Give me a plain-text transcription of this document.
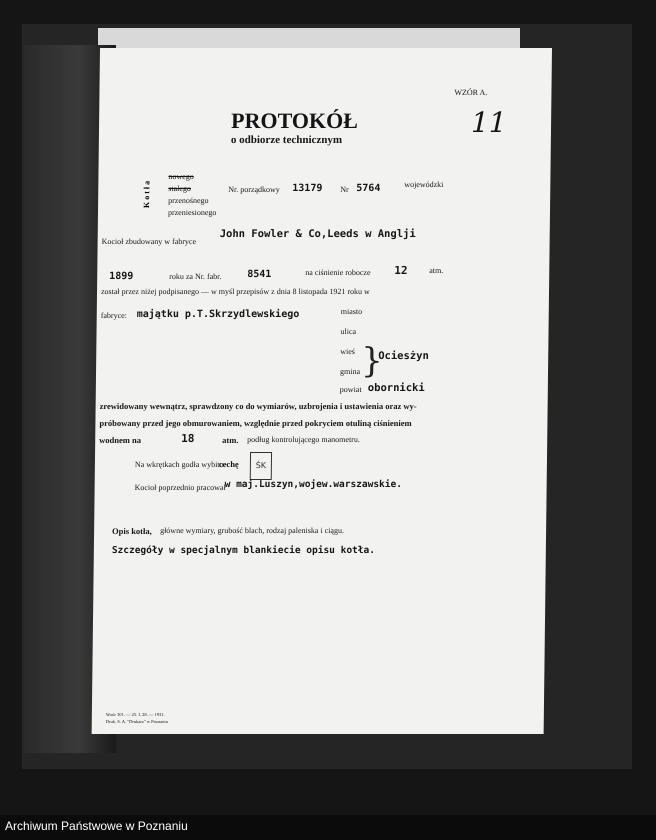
WZÓR A.
11
PROTOKÓŁ
o odbiorze technicznym
Kotła
nowego
stałego
przenośnego
przeniesionego
Nr. porządkowy 13179 Nr 5764	wojewódzki
Kocioł zbudowany w fabryce
John Fowler & Co,Leeds w Anglji
1899	roku za Nr. fabr.	8541	na ciśnienie robocze 12	atm.
został przez niżej podpisanego — w myśl przepisów z dnia 8 listopada 1921 roku w
fabryce: majątku p.T.Skrzydlewskiego	miasto
ulica
wieś
gmina }
Ociesżyn
powiat obornicki
zrewidowany wewnątrz, sprawdzony co do wymiarów, uzbrojenia i ustawienia oraz wy-
próbowany przed jego obmurowaniem, względnie przed pokryciem otuliną ciśnieniem
wodnem na	18	atm. podług kontrolującego manometru.
Na wkrętkach godła wybito
cechę	ŚK
Kocioł poprzednio pracował
w maj.Luszyn,wojew.warszawskie.
Opis kotła, główne wymiary, grubość blach, rodzaj paleniska i ciągu.
Szczegóły w specjalnym blankiecie opisu kotła.
Wzór 301. — 25. I. 28. — 1931.
Druk. S. A. "Drukarz" w Poznaniu
Archiwum Państwowe w Poznaniu
